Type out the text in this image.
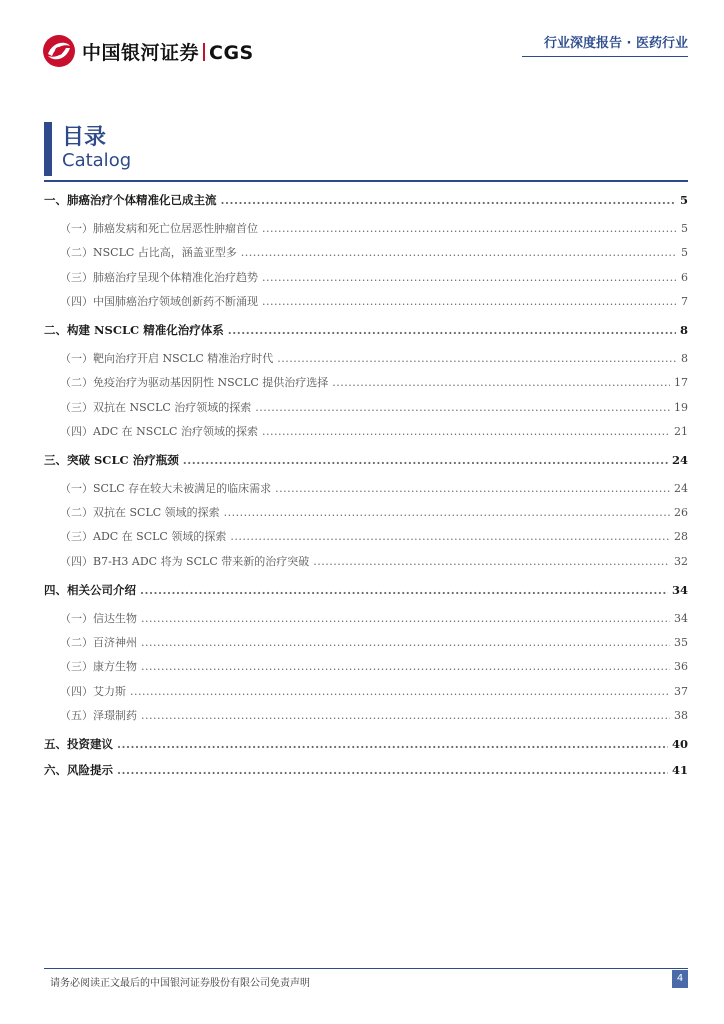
中国银河证券 CGS	行业深度报告 · 医药行业
目录
Catalog
一、 肺癌治疗个体精准化已成主流 .....	5
（一） 肺癌发病和死亡位居恶性肿瘤首位 .....	5
（二） NSCLC 占比高，涵盖亚型多 .....	5
（三） 肺癌治疗呈现个体精准化治疗趋势 .....	6
（四） 中国肺癌治疗领域创新药不断涌现 .....	7
二、 构建 NSCLC 精准化治疗体系 .....	8
（一） 靶向治疗开启 NSCLC 精准治疗时代 .....	8
（二） 免疫治疗为驱动基因阴性 NSCLC 提供治疗选择 .....	17
（三） 双抗在 NSCLC 治疗领域的探索 .....	19
（四） ADC 在 NSCLC 治疗领域的探索 .....	21
三、 突破 SCLC 治疗瓶颈 .....	24
（一） SCLC 存在较大未被满足的临床需求 .....	24
（二） 双抗在 SCLC 领域的探索 .....	26
（三） ADC 在 SCLC 领域的探索 .....	28
（四） B7-H3 ADC 将为 SCLC 带来新的治疗突破 .....	32
四、 相关公司介绍 .....	34
（一） 信达生物 .....	34
（二） 百济神州 .....	35
（三） 康方生物 .....	36
（四） 艾力斯 .....	37
（五） 泽璟制药 .....	38
五、 投资建议 .....	40
六、 风险提示 .....	41
请务必阅读正文最后的中国银河证券股份有限公司免责声明	4
